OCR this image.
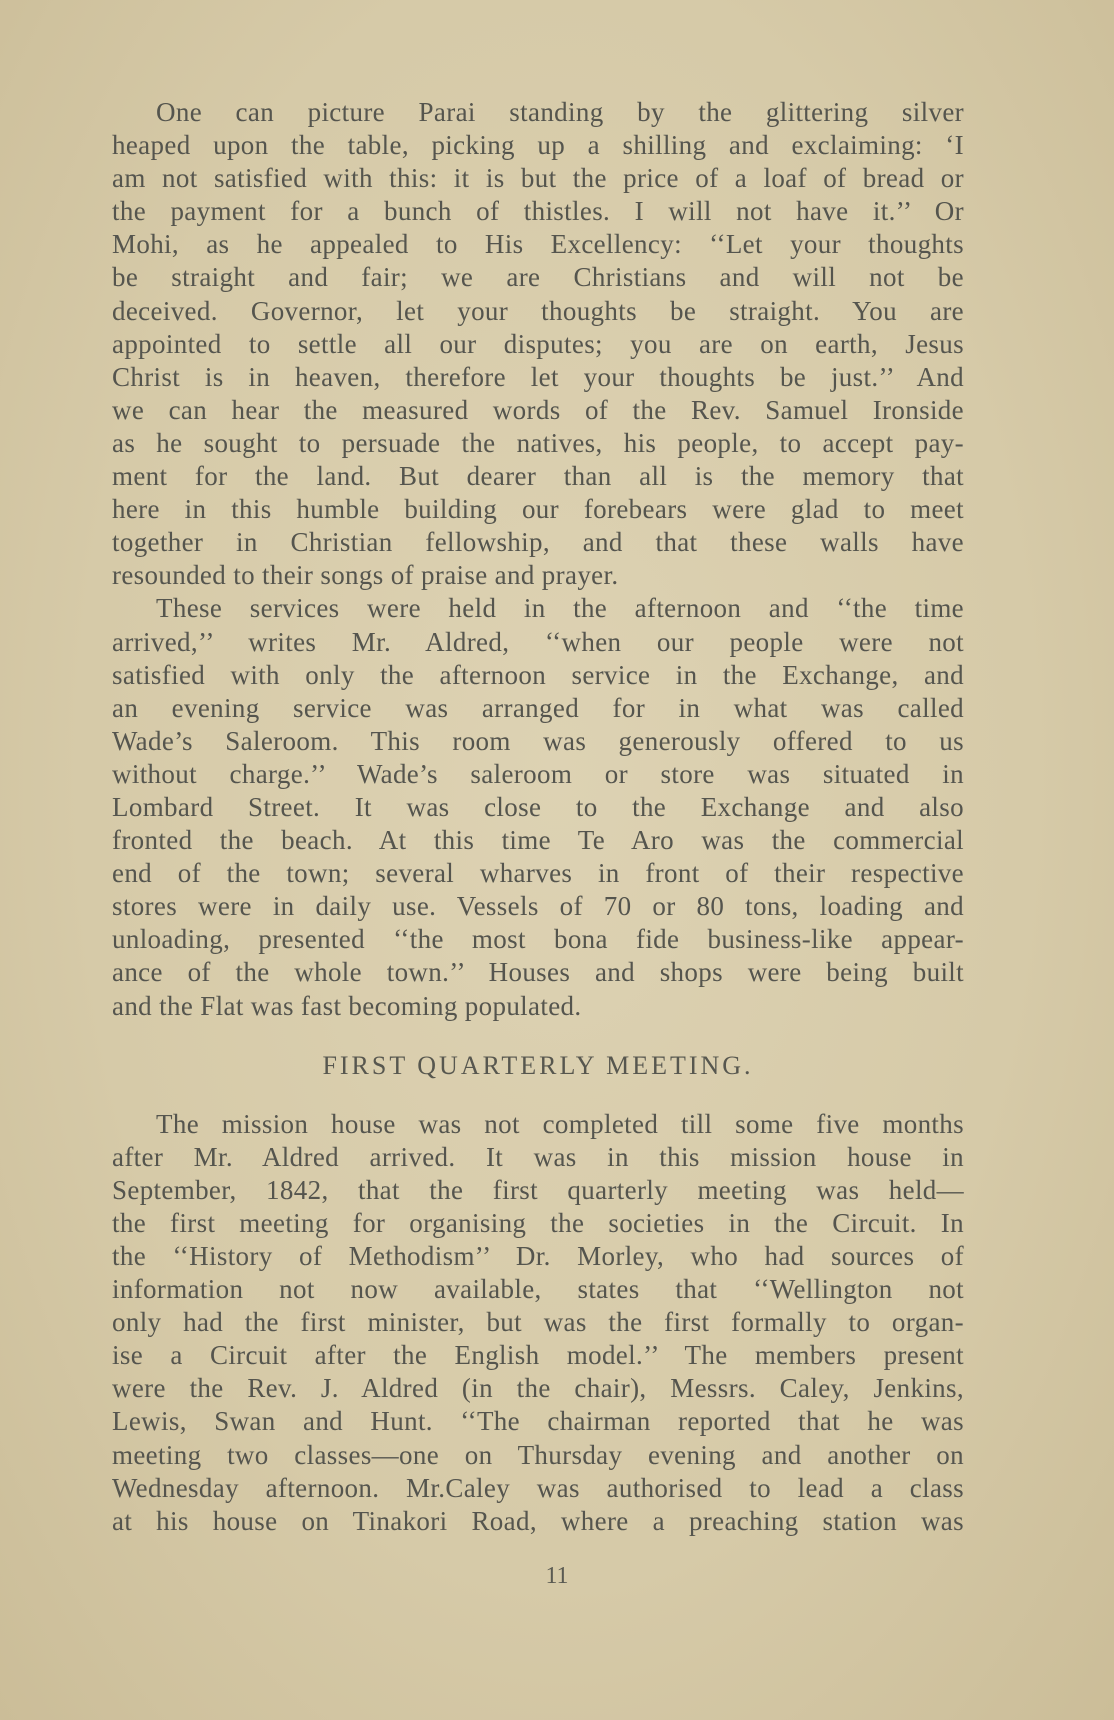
One can picture Parai standing by the glittering silver
heaped upon the table, picking up a shilling and exclaiming: ‘I
am not satisfied with this: it is but the price of a loaf of bread or
the payment for a bunch of thistles. I will not have it.’’ Or
Mohi, as he appealed to His Excellency: ‘‘Let your thoughts
be straight and fair; we are Christians and will not be
deceived. Governor, let your thoughts be straight. You are
appointed to settle all our disputes; you are on earth, Jesus
Christ is in heaven, therefore let your thoughts be just.’’ And
we can hear the measured words of the Rev. Samuel Ironside
as he sought to persuade the natives, his people, to accept pay-
ment for the land. But dearer than all is the memory that
here in this humble building our forebears were glad to meet
together in Christian fellowship, and that these walls have
resounded to their songs of praise and prayer.
These services were held in the afternoon and ‘‘the time
arrived,’’ writes Mr. Aldred, ‘‘when our people were not
satisfied with only the afternoon service in the Exchange, and
an evening service was arranged for in what was called
Wade’s Saleroom. This room was generously offered to us
without charge.’’ Wade’s saleroom or store was situated in
Lombard Street. It was close to the Exchange and also
fronted the beach. At this time Te Aro was the commercial
end of the town; several wharves in front of their respective
stores were in daily use. Vessels of 70 or 80 tons, loading and
unloading, presented ‘‘the most bona fide business-like appear-
ance of the whole town.’’ Houses and shops were being built
and the Flat was fast becoming populated.
FIRST QUARTERLY MEETING.
The mission house was not completed till some five months
after Mr. Aldred arrived. It was in this mission house in
September, 1842, that the first quarterly meeting was held—
the first meeting for organising the societies in the Circuit. In
the ‘‘History of Methodism’’ Dr. Morley, who had sources of
information not now available, states that ‘‘Wellington not
only had the first minister, but was the first formally to organ-
ise a Circuit after the English model.’’ The members present
were the Rev. J. Aldred (in the chair), Messrs. Caley, Jenkins,
Lewis, Swan and Hunt. ‘‘The chairman reported that he was
meeting two classes—one on Thursday evening and another on
Wednesday afternoon. Mr.Caley was authorised to lead a class
at his house on Tinakori Road, where a preaching station was
11
